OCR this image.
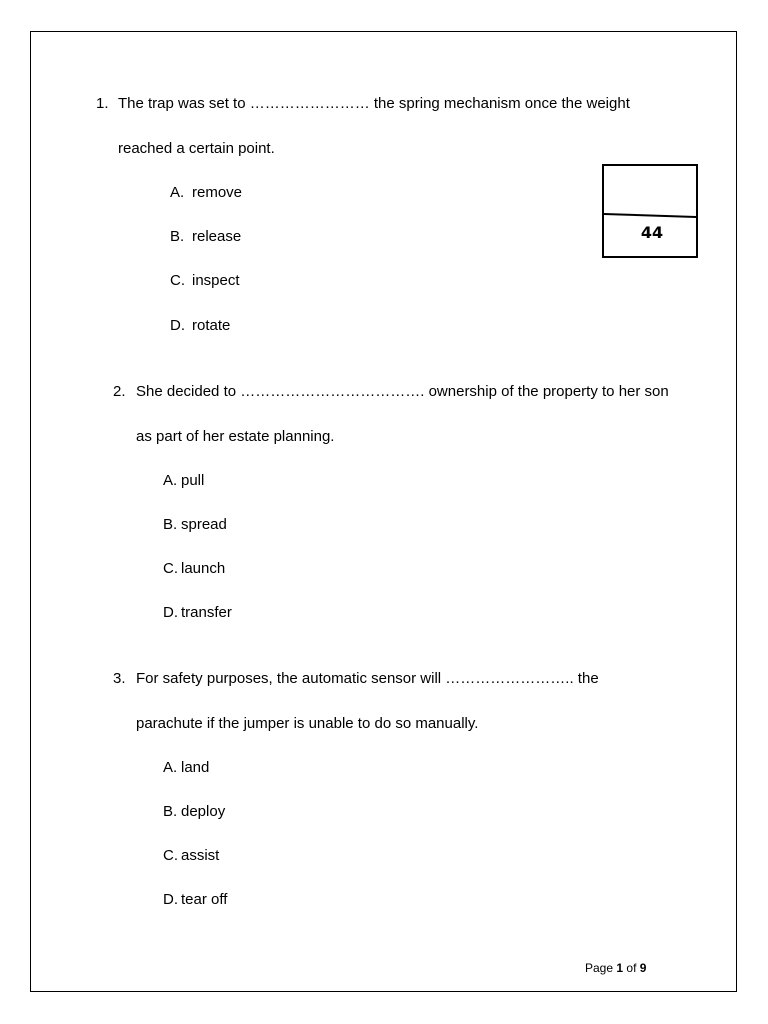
1. The trap was set to …………………… the spring mechanism once the weight
reached a certain point.
A. remove
B. release
C. inspect
D. rotate
44
2. She decided to ………………………………. ownership of the property to her son
as part of her estate planning.
A. pull
B. spread
C. launch
D. transfer
3. For safety purposes, the automatic sensor will …………………….. the
parachute if the jumper is unable to do so manually.
A. land
B. deploy
C. assist
D. tear off
Page 1 of 9
